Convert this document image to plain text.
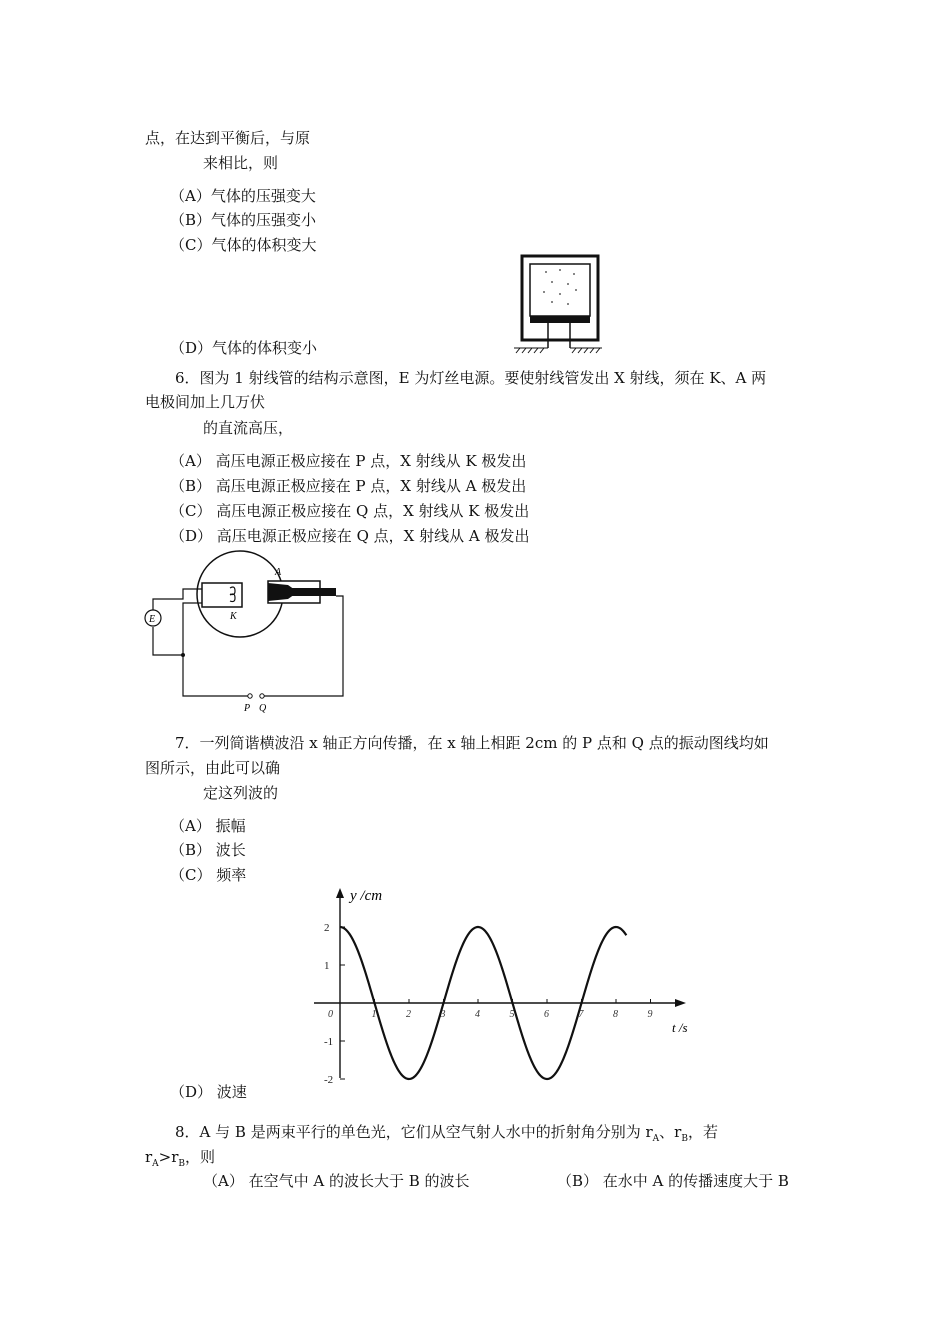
点，在达到平衡后，与原
来相比，则
（A）气体的压强变大
（B）气体的压强变小
（C）气体的体积变大
（D）气体的体积变小
6．图为 1 射线管的结构示意图，E 为灯丝电源。要使射线管发出 X 射线，须在 K、A 两
电极间加上几万伏
的直流高压，
（A） 高压电源正极应接在 P 点，X 射线从 K 极发出
（B） 高压电源正极应接在 P 点，X 射线从 A 极发出
（C） 高压电源正极应接在 Q 点，X 射线从 K 极发出
（D） 高压电源正极应接在 Q 点，X 射线从 A 极发出
A
K
E
P Q
7．一列简谐横波沿 x 轴正方向传播，在 x 轴上相距 2cm 的 P 点和 Q 点的振动图线均如
图所示，由此可以确
定这列波的
（A） 振幅
（B） 波长
（C） 频率
y /cm
t /s
0	1	2	3	4	5	6	7	8	9
2
1
-1
-2
（D） 波速
8．A 与 B 是两束平行的单色光，它们从空气射人水中的折射角分别为 $r_A$、$r_B$，若
$r_A>r_B$，则
（A） 在空气中 A 的波长大于 B 的波长	（B） 在水中 A 的传播速度大于 B
